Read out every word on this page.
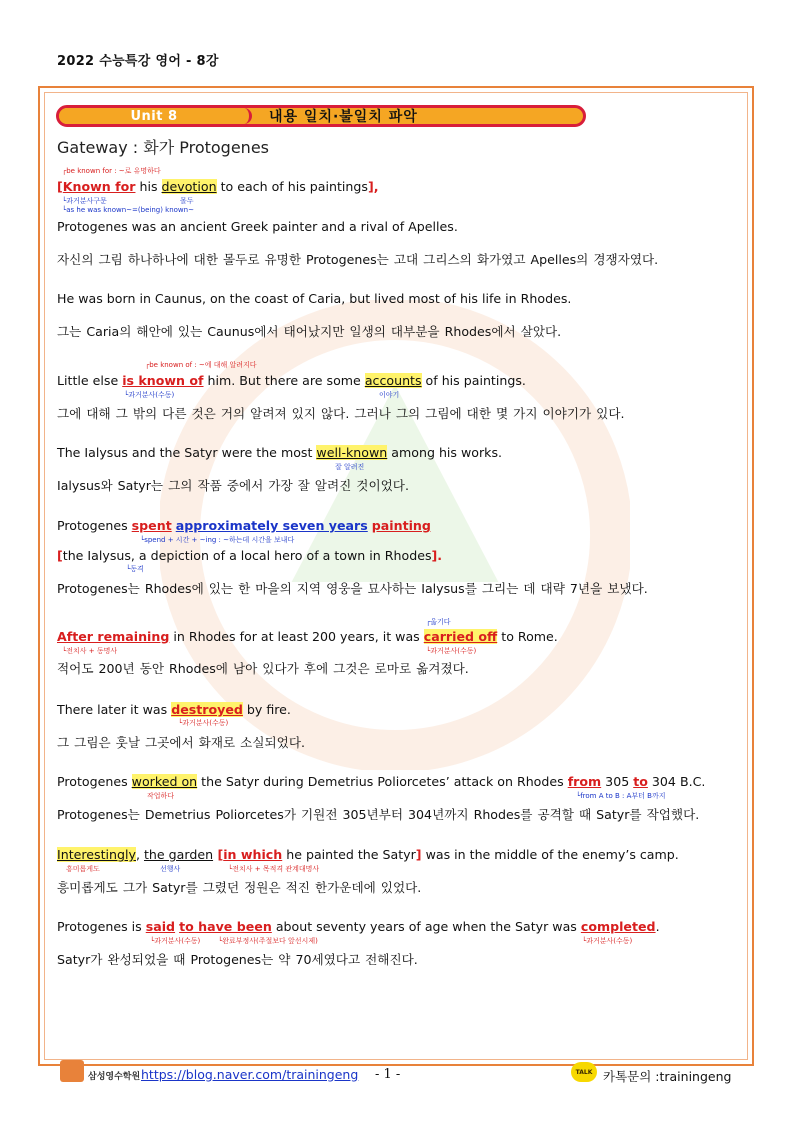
2022 수능특강 영어 - 8강
Unit 8	내용 일치·불일치 파악
Gateway : 화가 Protogenes
┌be known for : ~로 유명하다
[Known for his devotion to each of his paintings],
└과거분사구문	몰두
└as he was known~=(being) known~
Protogenes was an ancient Greek painter and a rival of Apelles.
자신의 그림 하나하나에 대한 몰두로 유명한 Protogenes는 고대 그리스의 화가였고 Apelles의 경쟁자였다.
He was born in Caunus, on the coast of Caria, but lived most of his life in Rhodes.
그는 Caria의 해안에 있는 Caunus에서 태어났지만 일생의 대부분을 Rhodes에서 살았다.
┌be known of : ~에 대해 알려지다
Little else is known of him. But there are some accounts of his paintings.
└과거분사(수동)	이야기
그에 대해 그 밖의 다른 것은 거의 알려져 있지 않다. 그러나 그의 그림에 대한 몇 가지 이야기가 있다.
The Ialysus and the Satyr were the most well-known among his works.
잘 알려진
Ialysus와 Satyr는 그의 작품 중에서 가장 잘 알려진 것이었다.
Protogenes spent approximately seven years painting
└spend + 시간 + ~ing : ~하는데 시간을 보내다
[the Ialysus, a depiction of a local hero of a town in Rhodes].
└동격
Protogenes는 Rhodes에 있는 한 마을의 지역 영웅을 묘사하는 Ialysus를 그리는 데 대략 7년을 보냈다.
┌옮기다
After remaining in Rhodes for at least 200 years, it was carried off to Rome.
└전치사 + 동명사	└과거분사(수동)
적어도 200년 동안 Rhodes에 남아 있다가 후에 그것은 로마로 옮겨졌다.
There later it was destroyed by fire.
└과거분사(수동)
그 그림은 훗날 그곳에서 화재로 소실되었다.
Protogenes worked on the Satyr during Demetrius Poliorcetes’ attack on Rhodes from 305 to 304 B.C.
작업하다	└from A to B : A부터 B까지
Protogenes는 Demetrius Poliorcetes가 기원전 305년부터 304년까지 Rhodes를 공격할 때 Satyr를 작업했다.
Interestingly, the garden [in which he painted the Satyr] was in the middle of the enemy’s camp.
흥미롭게도	선행사	└전치사 + 목적격 관계대명사
흥미롭게도 그가 Satyr를 그렸던 정원은 적진 한가운데에 있었다.
Protogenes is said to have been about seventy years of age when the Satyr was completed.
└과거분사(수동)	└완료부정사(주절보다 앞선시제)	└과거분사(수동)
Satyr가 완성되었을 때 Protogenes는 약 70세였다고 전해진다.
삼성영수학원 https://blog.naver.com/trainingeng - 1 -	TALK 카톡문의 :trainingeng
